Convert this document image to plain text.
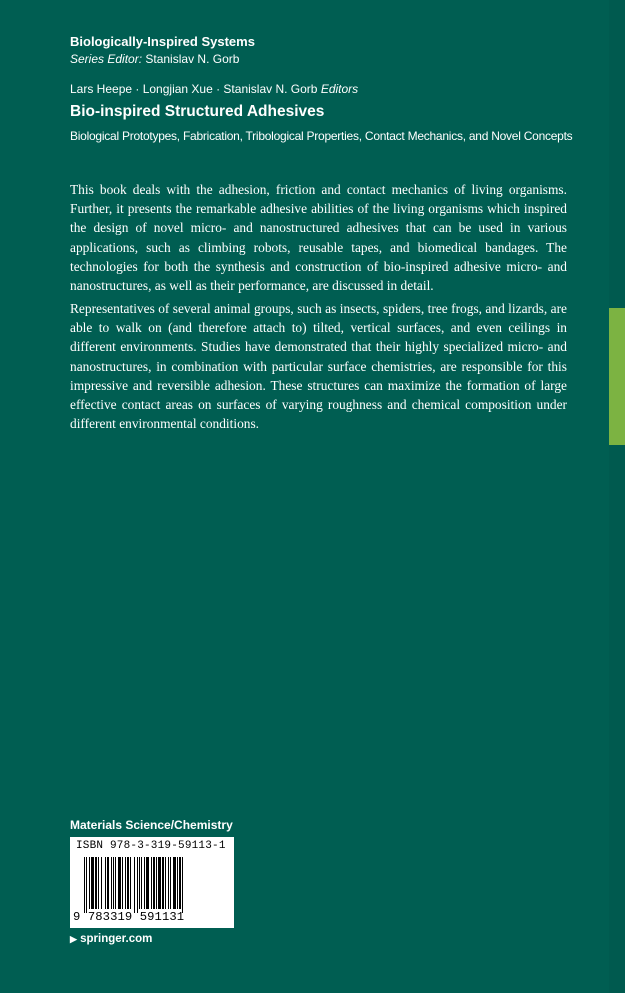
Biologically-Inspired Systems
Series Editor: Stanislav N. Gorb
Lars Heepe · Longjian Xue · Stanislav N. Gorb Editors
Bio-inspired Structured Adhesives
Biological Prototypes, Fabrication, Tribological Properties, Contact Mechanics, and Novel Concepts

This book deals with the adhesion, friction and contact mechanics of living organisms. Further, it presents the remarkable adhesive abilities of the living organisms which inspired the design of novel micro- and nanostructured adhesives that can be used in various applications, such as climbing robots, reusable tapes, and biomedical bandages. The technologies for both the synthesis and construction of bio-inspired adhesive micro- and nanostructures, as well as their performance, are discussed in detail.

Representatives of several animal groups, such as insects, spiders, tree frogs, and lizards, are able to walk on (and therefore attach to) tilted, vertical surfaces, and even ceilings in different environments. Studies have demonstrated that their highly specialized micro- and nanostructures, in combination with particular surface chemistries, are responsible for this impressive and reversible adhesion. These structures can maximize the formation of large effective contact areas on surfaces of varying roughness and chemical composition under different environmental conditions.

Materials Science/Chemistry
ISBN 978-3-319-59113-1
9 783319 591131
▶ springer.com
